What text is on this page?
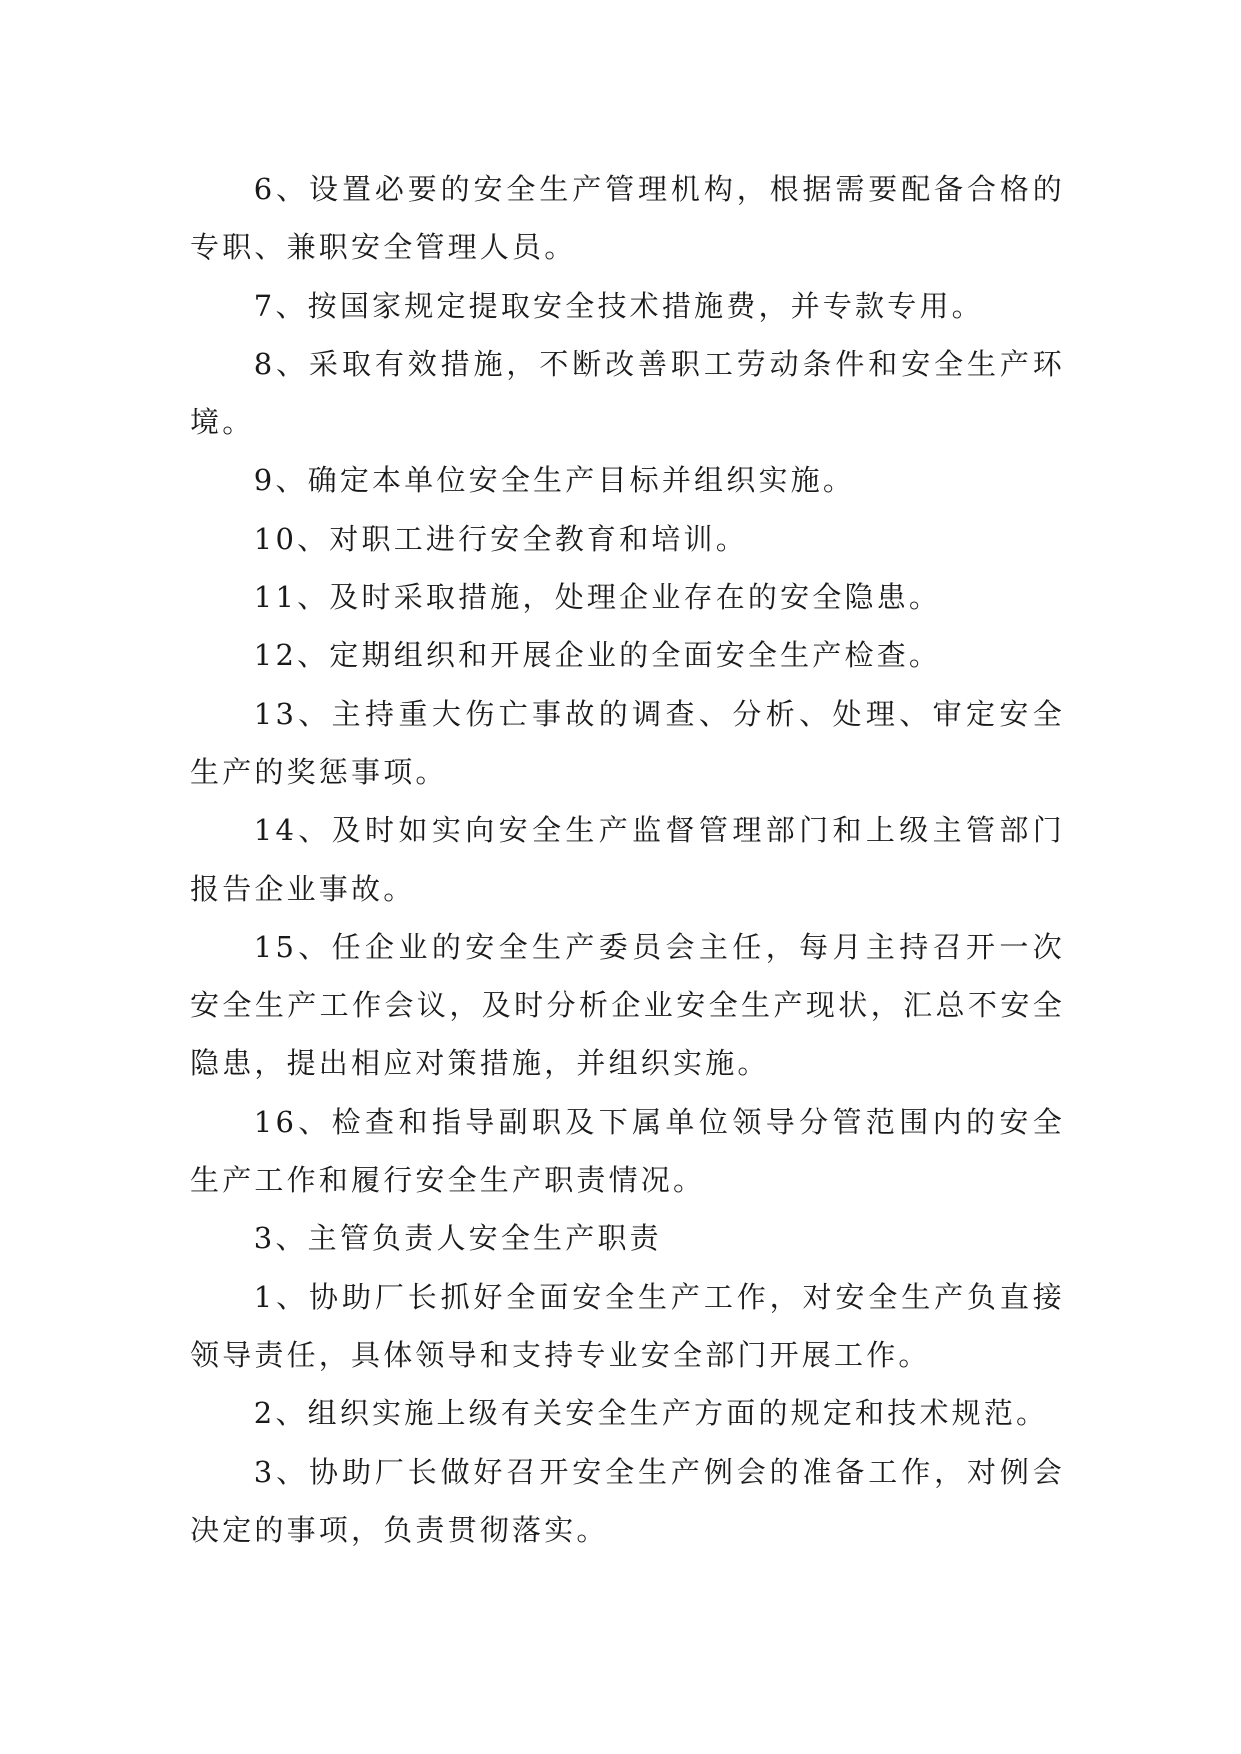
6、设置必要的安全生产管理机构，根据需要配备合格的专职、兼职安全管理人员。

7、按国家规定提取安全技术措施费，并专款专用。

8、采取有效措施，不断改善职工劳动条件和安全生产环境。

9、确定本单位安全生产目标并组织实施。

10、对职工进行安全教育和培训。

11、及时采取措施，处理企业存在的安全隐患。

12、定期组织和开展企业的全面安全生产检查。

13、主持重大伤亡事故的调查、分析、处理、审定安全生产的奖惩事项。

14、及时如实向安全生产监督管理部门和上级主管部门报告企业事故。

15、任企业的安全生产委员会主任，每月主持召开一次安全生产工作会议，及时分析企业安全生产现状，汇总不安全隐患，提出相应对策措施，并组织实施。

16、检查和指导副职及下属单位领导分管范围内的安全生产工作和履行安全生产职责情况。

3、主管负责人安全生产职责

1、协助厂长抓好全面安全生产工作，对安全生产负直接领导责任，具体领导和支持专业安全部门开展工作。

2、组织实施上级有关安全生产方面的规定和技术规范。

3、协助厂长做好召开安全生产例会的准备工作，对例会决定的事项，负责贯彻落实。
